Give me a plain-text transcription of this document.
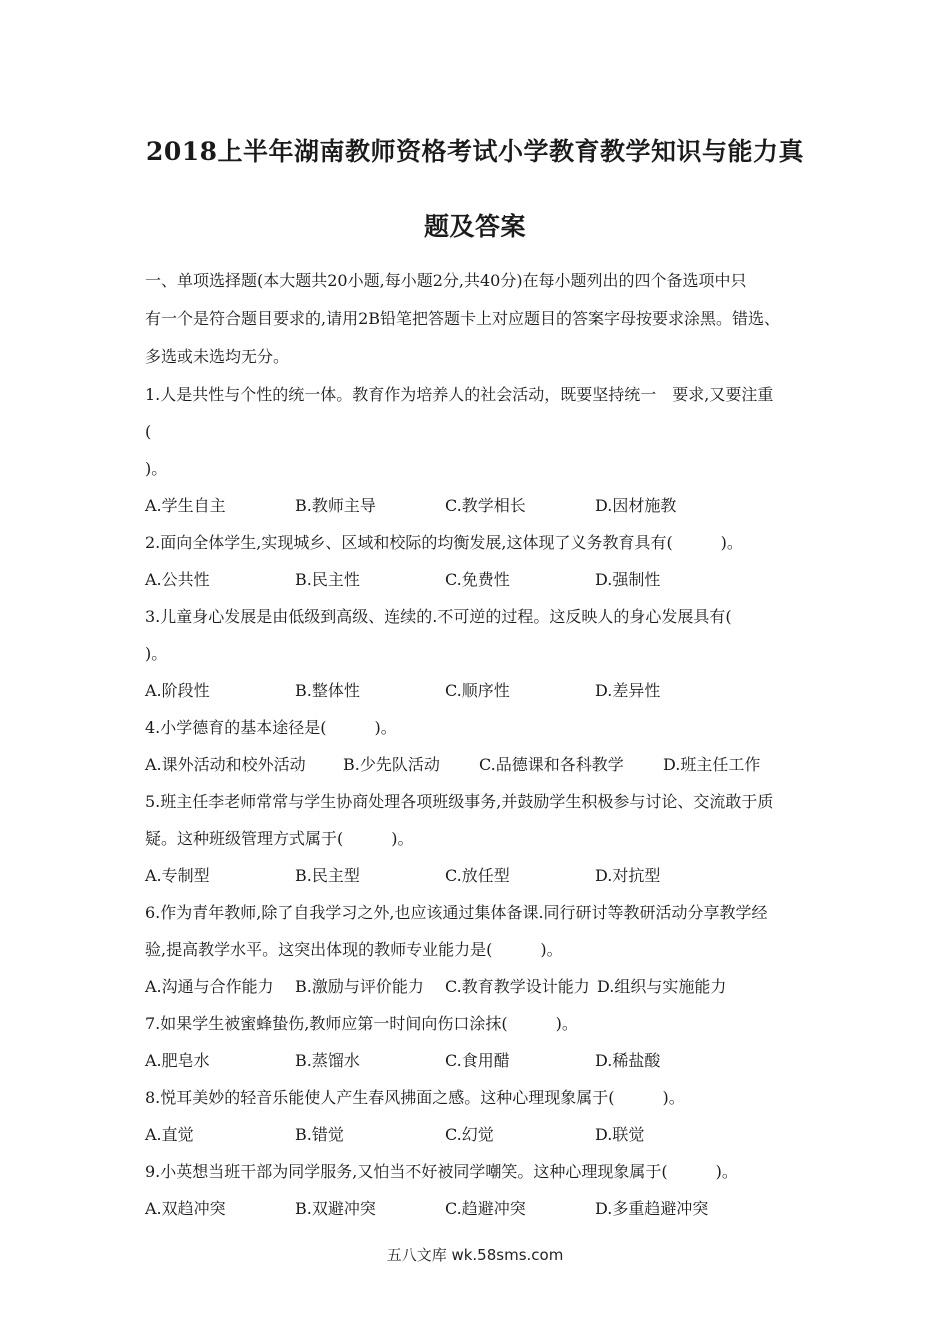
2018上半年湖南教师资格考试小学教育教学知识与能力真
题及答案

一、单项选择题(本大题共20小题,每小题2分,共40分)在每小题列出的四个备选项中只
有一个是符合题目要求的,请用2B铅笔把答题卡上对应题目的答案字母按要求涂黑。错选、
多选或未选均无分。

1.人是共性与个性的统一体。教育作为培养人的社会活动，既要坚持统一　要求,又要注重
(
)。
A.学生自主	B.教师主导	C.教学相长	D.因材施教
2.面向全体学生,实现城乡、区域和校际的均衡发展,这体现了义务教育具有(　　　)。
A.公共性	B.民主性	C.免费性	D.强制性
3.儿童身心发展是由低级到高级、连续的.不可逆的过程。这反映人的身心发展具有(
)。
A.阶段性	B.整体性	C.顺序性	D.差异性
4.小学德育的基本途径是(　　　)。
A.课外活动和校外活动 B.少先队活动 C.品德课和各科教学 D.班主任工作
5.班主任李老师常常与学生协商处理各项班级事务,并鼓励学生积极参与讨论、交流敢于质
疑。这种班级管理方式属于(　　　)。
A.专制型	B.民主型	C.放任型	D.对抗型
6.作为青年教师,除了自我学习之外,也应该通过集体备课.同行研讨等教研活动分享教学经
验,提高教学水平。这突出体现的教师专业能力是(　　　)。
A.沟通与合作能力 B.激励与评价能力 C.教育教学设计能力 D.组织与实施能力
7.如果学生被蜜蜂蛰伤,教师应第一时间向伤口涂抹(　　　)。
A.肥皂水	B.蒸馏水	C.食用醋	D.稀盐酸
8.悦耳美妙的轻音乐能使人产生春风拂面之感。这种心理现象属于(　　　)。
A.直觉	B.错觉	C.幻觉	D.联觉
9.小英想当班干部为同学服务,又怕当不好被同学嘲笑。这种心理现象属于(　　　)。
A.双趋冲突	B.双避冲突	C.趋避冲突	D.多重趋避冲突
五八文库 wk.58sms.com
